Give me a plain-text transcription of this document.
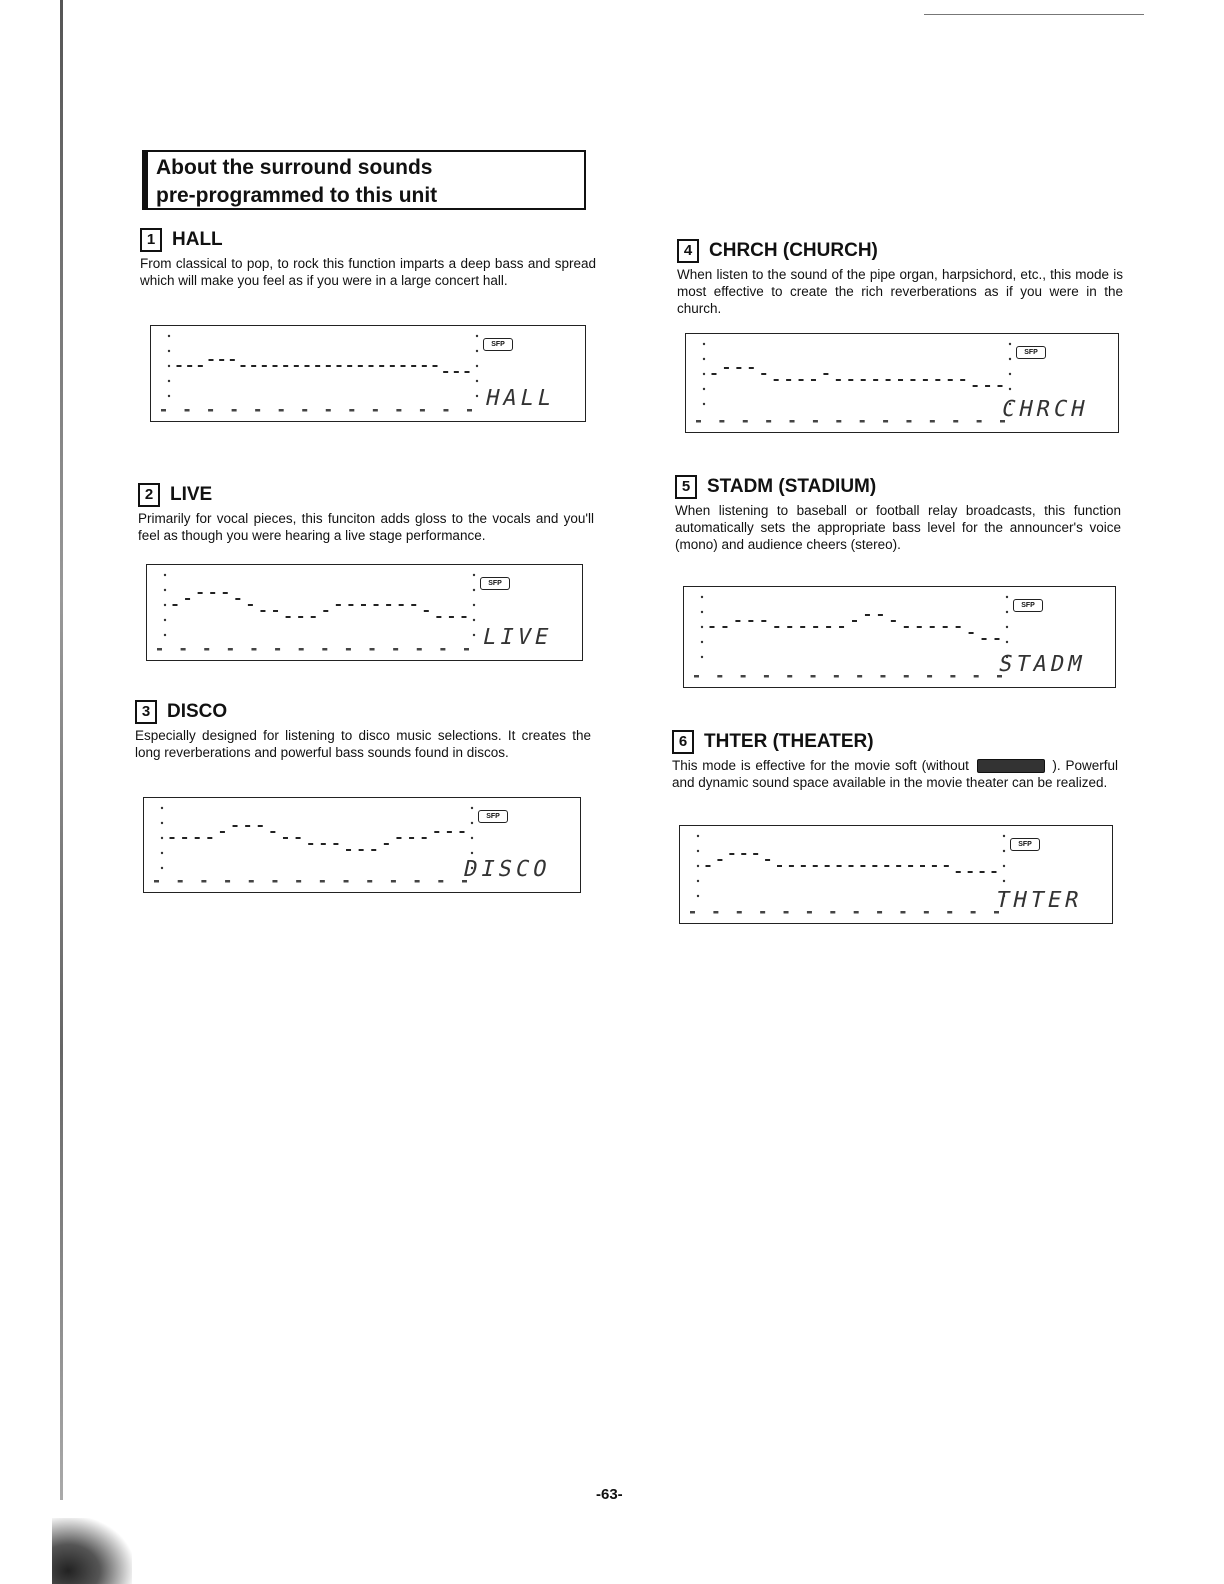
About the surround sounds
pre-programmed to this unit
1 HALL
From classical to pop, to rock this function imparts a deep bass and spread which will make you feel as if you were in a large concert hall.
SFP
HALL
2 LIVE
Primarily for vocal pieces, this funciton adds gloss to the vocals and you'll feel as though you were hearing a live stage performance.
SFP
LIVE
3 DISCO
Especially designed for listening to disco music selections. It creates the long reverberations and powerful bass sounds found in discos.
SFP
DISCO
4 CHRCH (CHURCH)
When listen to the sound of the pipe organ, harpsichord, etc., this mode is most effective to create the rich reverberations as if you were in the church.
SFP
CHRCH
5 STADM (STADIUM)
When listening to baseball or football relay broadcasts, this function automatically sets the appropriate bass level for the announcer's voice (mono) and audience cheers (stereo).
SFP
STADM
6 THTER (THEATER)
This mode is effective for the movie soft (without	). Powerful and dynamic sound space available in the movie theater can be realized.
SFP
THTER
-63-
